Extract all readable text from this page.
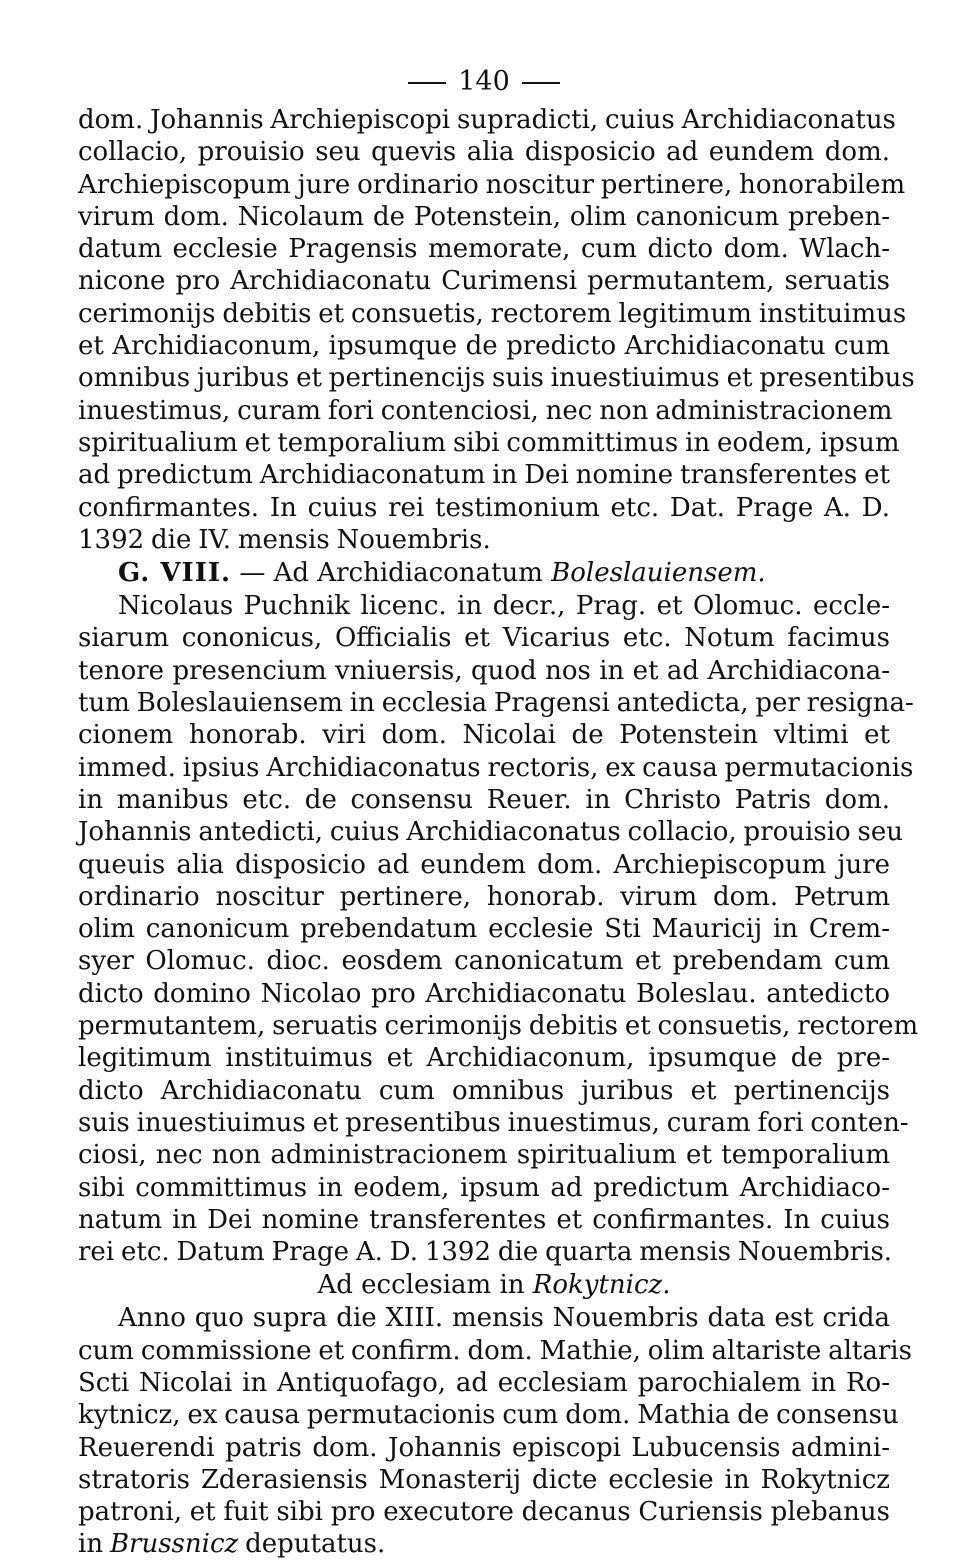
140
dom. Johannis Archiepiscopi supradicti, cuius Archidiaconatus
collacio, prouisio seu quevis alia disposicio ad eundem dom.
Archiepiscopum jure ordinario noscitur pertinere, honorabilem
virum dom. Nicolaum de Potenstein, olim canonicum preben-
datum ecclesie Pragensis memorate, cum dicto dom. Wlach-
nicone pro Archidiaconatu Curimensi permutantem, seruatis
cerimonijs debitis et consuetis, rectorem legitimum instituimus
et Archidiaconum, ipsumque de predicto Archidiaconatu cum
omnibus juribus et pertinencijs suis inuestiuimus et presentibus
inuestimus, curam fori contenciosi, nec non administracionem
spiritualium et temporalium sibi committimus in eodem, ipsum
ad predictum Archidiaconatum in Dei nomine transferentes et
confirmantes. In cuius rei testimonium etc. Dat. Prage A. D.
1392 die IV. mensis Nouembris.
G. VIII. — Ad Archidiaconatum Boleslauiensem.
Nicolaus Puchnik licenc. in decr., Prag. et Olomuc. eccle-
siarum cononicus, Officialis et Vicarius etc. Notum facimus
tenore presencium vniuersis, quod nos in et ad Archidiacona-
tum Boleslauiensem in ecclesia Pragensi antedicta, per resigna-
cionem honorab. viri dom. Nicolai de Potenstein vltimi et
immed. ipsius Archidiaconatus rectoris, ex causa permutacionis
in manibus etc. de consensu Reuer. in Christo Patris dom.
Johannis antedicti, cuius Archidiaconatus collacio, prouisio seu
queuis alia disposicio ad eundem dom. Archiepiscopum jure
ordinario noscitur pertinere, honorab. virum dom. Petrum
olim canonicum prebendatum ecclesie Sti Mauricij in Crem-
syer Olomuc. dioc. eosdem canonicatum et prebendam cum
dicto domino Nicolao pro Archidiaconatu Boleslau. antedicto
permutantem, seruatis cerimonijs debitis et consuetis, rectorem
legitimum instituimus et Archidiaconum, ipsumque de pre-
dicto Archidiaconatu cum omnibus juribus et pertinencijs
suis inuestiuimus et presentibus inuestimus, curam fori conten-
ciosi, nec non administracionem spiritualium et temporalium
sibi committimus in eodem, ipsum ad predictum Archidiaco-
natum in Dei nomine transferentes et confirmantes. In cuius
rei etc. Datum Prage A. D. 1392 die quarta mensis Nouembris.
Ad ecclesiam in Rokytnicz.
Anno quo supra die XIII. mensis Nouembris data est crida
cum commissione et confirm. dom. Mathie, olim altariste altaris
Scti Nicolai in Antiquofago, ad ecclesiam parochialem in Ro-
kytnicz, ex causa permutacionis cum dom. Mathia de consensu
Reuerendi patris dom. Johannis episcopi Lubucensis admini-
stratoris Zderasiensis Monasterij dicte ecclesie in Rokytnicz
patroni, et fuit sibi pro executore decanus Curiensis plebanus
in Brussnicz deputatus.
